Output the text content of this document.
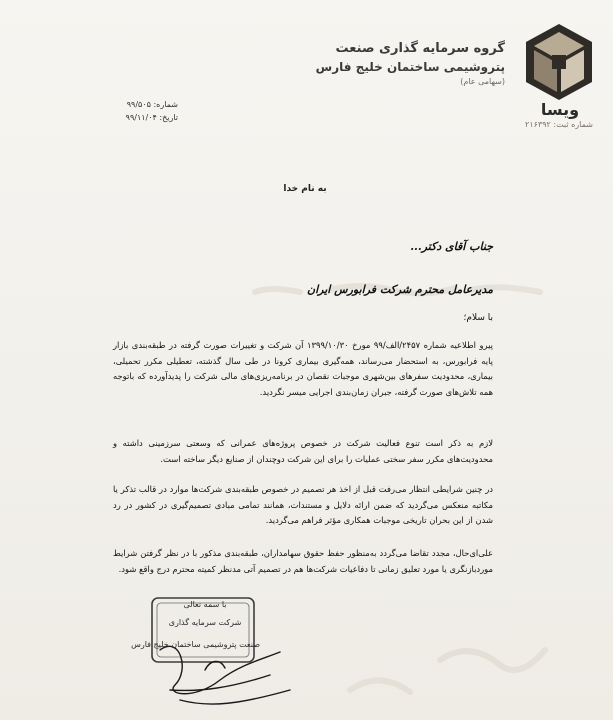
ویسا
شماره ثبت: ۲۱۶۳۹۲
گروه سرمایه گذاری صنعت
پتروشیمی ساختمان خلیج فارس
(سهامی عام)
شماره: ۹۹/۵۰۵
تاریخ: ۹۹/۱۱/۰۴
به نام خدا
جناب آقای دکتر...
مدیرعامل محترم شرکت فرابورس ایران
با سلام؛
پیرو اطلاعیه شماره ۲۴۵۷/الف/۹۹ مورخ ۱۳۹۹/۱۰/۳۰ آن شرکت و تغییرات صورت گرفته در طبقه‌بندی بازار پایه فرابورس، به استحضار می‌رساند، همه‌گیری بیماری کرونا در طی سال گذشته، تعطیلی مکرر تحمیلی، بیماری، محدودیت سفرهای بین‌شهری موجبات نقصان در برنامه‌ریزی‌های مالی شرکت را پدیدآورده که باتوجه همه تلاش‌های صورت گرفته، جبران زمان‌بندی اجرایی میسر نگردید.
لازم به ذکر است تنوع فعالیت شرکت در خصوص پروژه‌های عمرانی که وسعتی سرزمینی داشته و محدودیت‌های مکرر سفر سختی عملیات را برای این شرکت دوچندان از صنایع دیگر ساخته است.
در چنین شرایطی انتظار می‌رفت قبل از اخذ هر تصمیم در خصوص طبقه‌بندی شرکت‌ها موارد در قالب تذکر یا مکاتبه منعکس می‌گردید که ضمن ارائه دلایل و مستندات، همانند تمامی مبادی تصمیم‌گیری در کشور در رد شدن از این بحران تاریخی موجبات همکاری مؤثر فراهم می‌گردید.
علی‌ای‌حال، مجدد تقاضا می‌گردد به‌منظور حفظ حقوق سهامداران، طبقه‌بندی مذکور با در نظر گرفتن شرایط موردبازنگری یا مورد تعلیق زمانی تا دفاعیات شرکت‌ها هم در تصمیم آتی مدنظر کمیته محترم درج واقع شود.
با سمه تعالی
شرکت سرمایه گذاری
صنعت پتروشیمی ساختمان خلیج فارس
